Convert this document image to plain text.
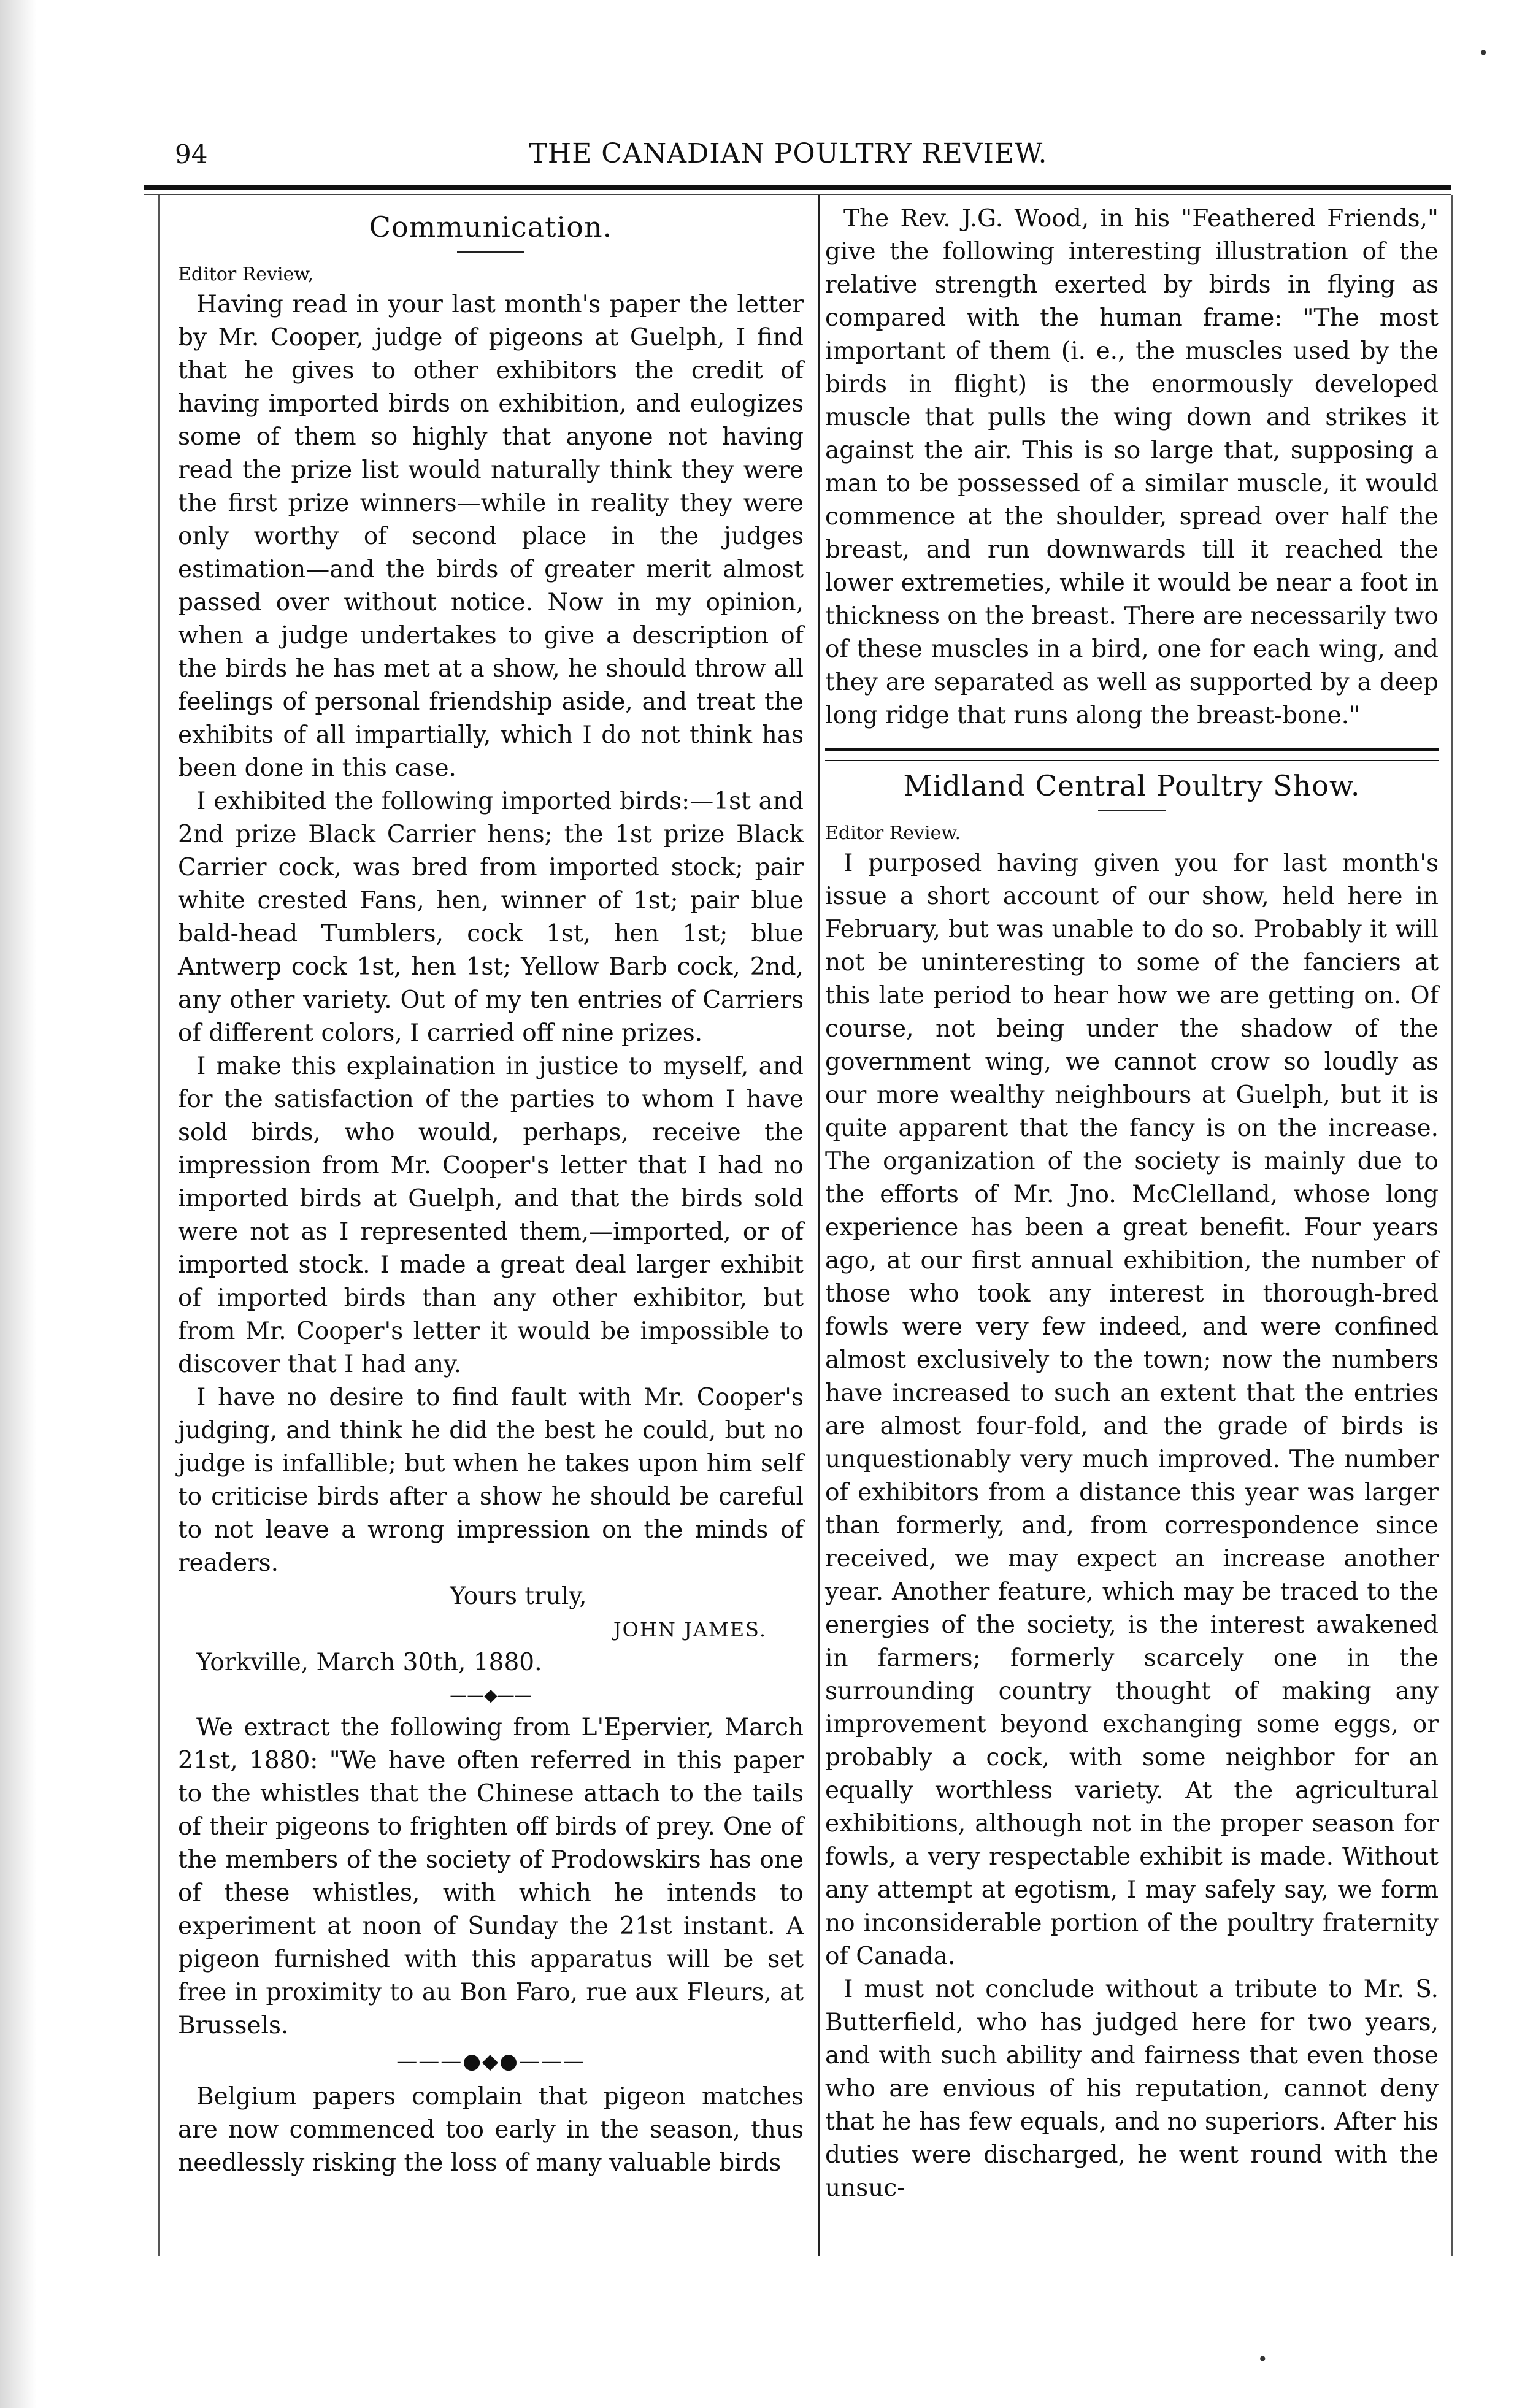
94	THE CANADIAN POULTRY REVIEW.
Communication.

Editor Review,

Having read in your last month's paper the letter by Mr. Cooper, judge of pigeons at Guelph, I find that he gives to other exhibitors the credit of having imported birds on exhibition, and eulogizes some of them so highly that anyone not having read the prize list would naturally think they were the first prize winners—while in reality they were only worthy of second place in the judges estimation—and the birds of greater merit almost passed over without notice. Now in my opinion, when a judge undertakes to give a description of the birds he has met at a show, he should throw all feelings of personal friendship aside, and treat the exhibits of all impartially, which I do not think has been done in this case.

I exhibited the following imported birds:—1st and 2nd prize Black Carrier hens; the 1st prize Black Carrier cock, was bred from imported stock; pair white crested Fans, hen, winner of 1st; pair blue bald-head Tumblers, cock 1st, hen 1st; blue Antwerp cock 1st, hen 1st; Yellow Barb cock, 2nd, any other variety. Out of my ten entries of Carriers of different colors, I carried off nine prizes.

I make this explaination in justice to myself, and for the satisfaction of the parties to whom I have sold birds, who would, perhaps, receive the impression from Mr. Cooper's letter that I had no imported birds at Guelph, and that the birds sold were not as I represented them,—imported, or of imported stock. I made a great deal larger exhibit of imported birds than any other exhibitor, but from Mr. Cooper's letter it would be impossible to discover that I had any.

I have no desire to find fault with Mr. Cooper's judging, and think he did the best he could, but no judge is infallible; but when he takes upon him self to criticise birds after a show he should be careful to not leave a wrong impression on the minds of readers.

Yours truly,

JOHN JAMES.

Yorkville, March 30th, 1880.

——◆——

We extract the following from L'Epervier, March 21st, 1880: "We have often referred in this paper to the whistles that the Chinese attach to the tails of their pigeons to frighten off birds of prey. One of the members of the society of Prodowskirs has one of these whistles, with which he intends to experiment at noon of Sunday the 21st instant. A pigeon furnished with this apparatus will be set free in proximity to au Bon Faro, rue aux Fleurs, at Brussels.

———●◆●———

Belgium papers complain that pigeon matches are now commenced too early in the season, thus needlessly risking the loss of many valuable birds

The Rev. J.G. Wood, in his "Feathered Friends," give the following interesting illustration of the relative strength exerted by birds in flying as compared with the human frame: "The most important of them (i. e., the muscles used by the birds in flight) is the enormously developed muscle that pulls the wing down and strikes it against the air. This is so large that, supposing a man to be possessed of a similar muscle, it would commence at the shoulder, spread over half the breast, and run downwards till it reached the lower extremeties, while it would be near a foot in thickness on the breast. There are necessarily two of these muscles in a bird, one for each wing, and they are separated as well as supported by a deep long ridge that runs along the breast-bone."

Midland Central Poultry Show.

Editor Review.

I purposed having given you for last month's issue a short account of our show, held here in February, but was unable to do so. Probably it will not be uninteresting to some of the fanciers at this late period to hear how we are getting on. Of course, not being under the shadow of the government wing, we cannot crow so loudly as our more wealthy neighbours at Guelph, but it is quite apparent that the fancy is on the increase. The organization of the society is mainly due to the efforts of Mr. Jno. McClelland, whose long experience has been a great benefit. Four years ago, at our first annual exhibition, the number of those who took any interest in thorough-bred fowls were very few indeed, and were confined almost exclusively to the town; now the numbers have increased to such an extent that the entries are almost four-fold, and the grade of birds is unquestionably very much improved. The number of exhibitors from a distance this year was larger than formerly, and, from correspondence since received, we may expect an increase another year. Another feature, which may be traced to the energies of the society, is the interest awakened in farmers; formerly scarcely one in the surrounding country thought of making any improvement beyond exchanging some eggs, or probably a cock, with some neighbor for an equally worthless variety. At the agricultural exhibitions, although not in the proper season for fowls, a very respectable exhibit is made. Without any attempt at egotism, I may safely say, we form no inconsiderable portion of the poultry fraternity of Canada.

I must not conclude without a tribute to Mr. S. Butterfield, who has judged here for two years, and with such ability and fairness that even those who are envious of his reputation, cannot deny that he has few equals, and no superiors. After his duties were discharged, he went round with the unsuc-

•
•
